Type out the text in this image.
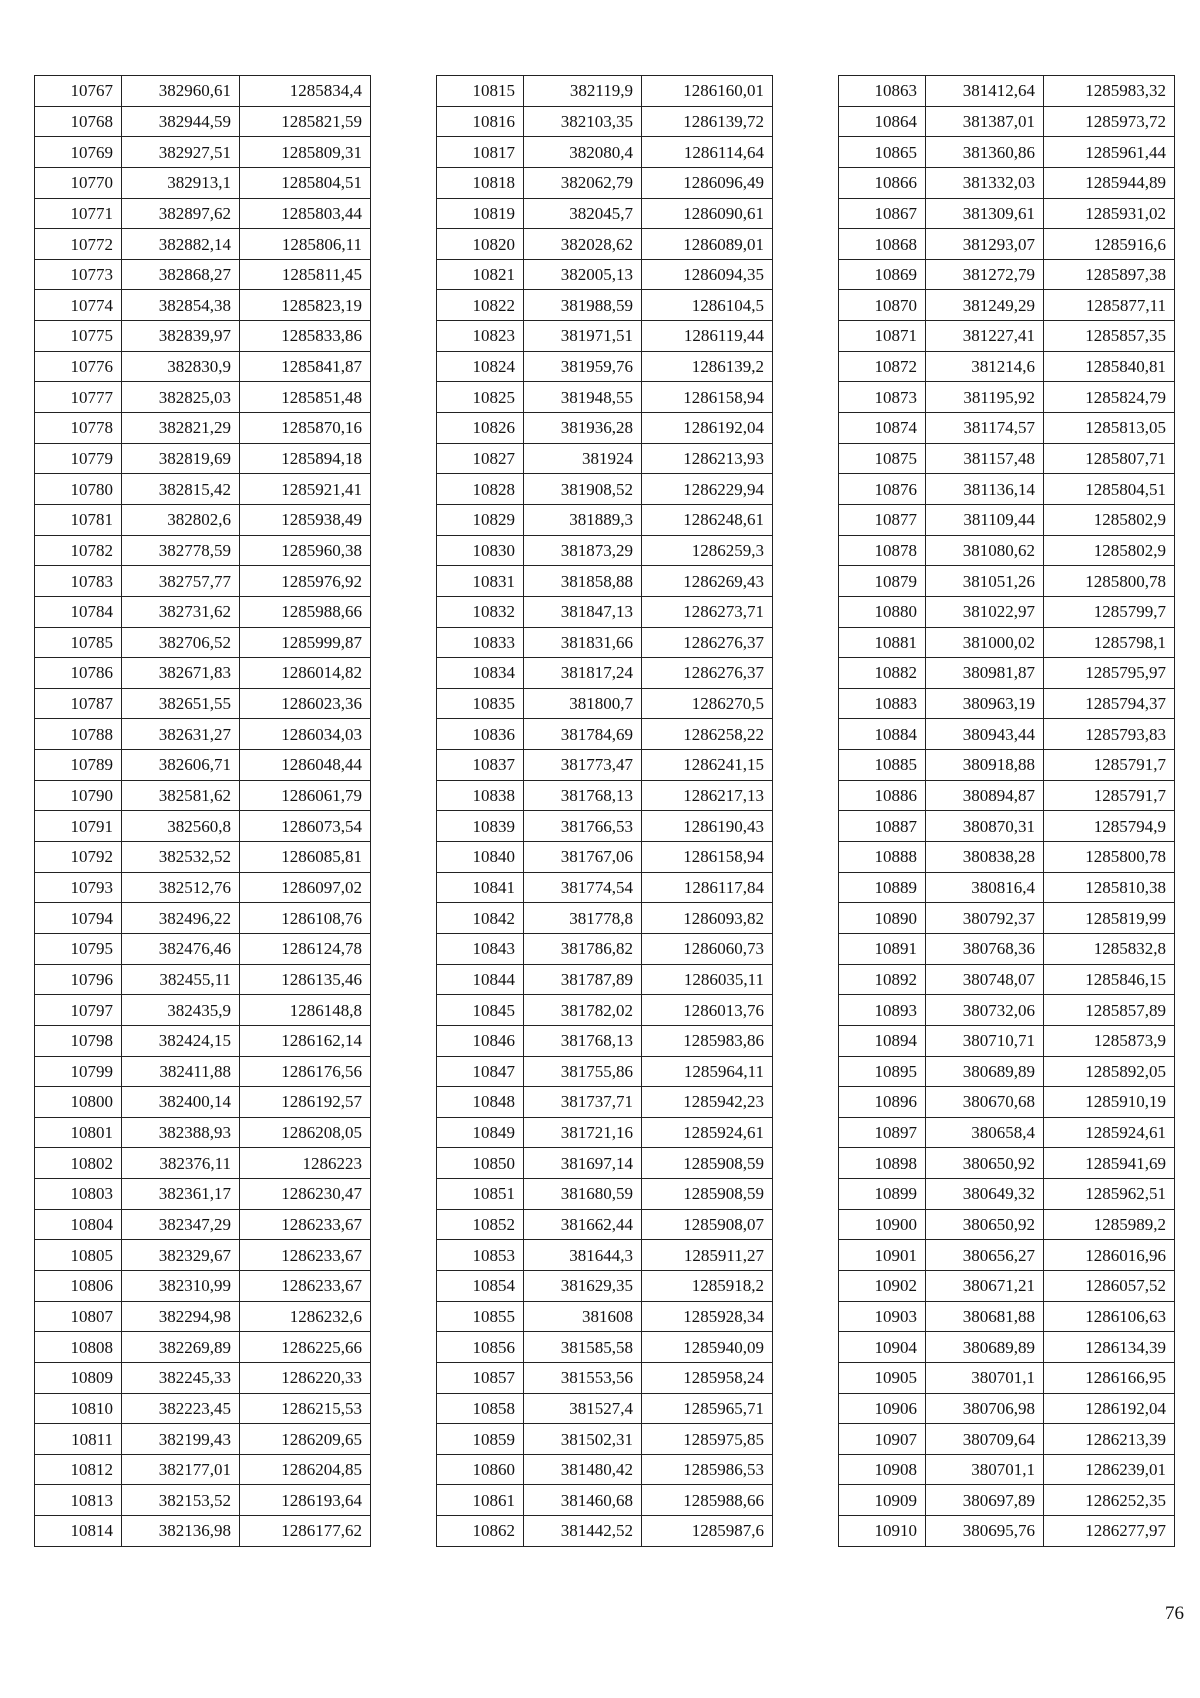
10767	382960,61	1285834,4
10768	382944,59	1285821,59
10769	382927,51	1285809,31
10770	382913,1	1285804,51
10771	382897,62	1285803,44
10772	382882,14	1285806,11
10773	382868,27	1285811,45
10774	382854,38	1285823,19
10775	382839,97	1285833,86
10776	382830,9	1285841,87
10777	382825,03	1285851,48
10778	382821,29	1285870,16
10779	382819,69	1285894,18
10780	382815,42	1285921,41
10781	382802,6	1285938,49
10782	382778,59	1285960,38
10783	382757,77	1285976,92
10784	382731,62	1285988,66
10785	382706,52	1285999,87
10786	382671,83	1286014,82
10787	382651,55	1286023,36
10788	382631,27	1286034,03
10789	382606,71	1286048,44
10790	382581,62	1286061,79
10791	382560,8	1286073,54
10792	382532,52	1286085,81
10793	382512,76	1286097,02
10794	382496,22	1286108,76
10795	382476,46	1286124,78
10796	382455,11	1286135,46
10797	382435,9	1286148,8
10798	382424,15	1286162,14
10799	382411,88	1286176,56
10800	382400,14	1286192,57
10801	382388,93	1286208,05
10802	382376,11	1286223
10803	382361,17	1286230,47
10804	382347,29	1286233,67
10805	382329,67	1286233,67
10806	382310,99	1286233,67
10807	382294,98	1286232,6
10808	382269,89	1286225,66
10809	382245,33	1286220,33
10810	382223,45	1286215,53
10811	382199,43	1286209,65
10812	382177,01	1286204,85
10813	382153,52	1286193,64
10814	382136,98	1286177,62
10815	382119,9	1286160,01
10816	382103,35	1286139,72
10817	382080,4	1286114,64
10818	382062,79	1286096,49
10819	382045,7	1286090,61
10820	382028,62	1286089,01
10821	382005,13	1286094,35
10822	381988,59	1286104,5
10823	381971,51	1286119,44
10824	381959,76	1286139,2
10825	381948,55	1286158,94
10826	381936,28	1286192,04
10827	381924	1286213,93
10828	381908,52	1286229,94
10829	381889,3	1286248,61
10830	381873,29	1286259,3
10831	381858,88	1286269,43
10832	381847,13	1286273,71
10833	381831,66	1286276,37
10834	381817,24	1286276,37
10835	381800,7	1286270,5
10836	381784,69	1286258,22
10837	381773,47	1286241,15
10838	381768,13	1286217,13
10839	381766,53	1286190,43
10840	381767,06	1286158,94
10841	381774,54	1286117,84
10842	381778,8	1286093,82
10843	381786,82	1286060,73
10844	381787,89	1286035,11
10845	381782,02	1286013,76
10846	381768,13	1285983,86
10847	381755,86	1285964,11
10848	381737,71	1285942,23
10849	381721,16	1285924,61
10850	381697,14	1285908,59
10851	381680,59	1285908,59
10852	381662,44	1285908,07
10853	381644,3	1285911,27
10854	381629,35	1285918,2
10855	381608	1285928,34
10856	381585,58	1285940,09
10857	381553,56	1285958,24
10858	381527,4	1285965,71
10859	381502,31	1285975,85
10860	381480,42	1285986,53
10861	381460,68	1285988,66
10862	381442,52	1285987,6
10863	381412,64	1285983,32
10864	381387,01	1285973,72
10865	381360,86	1285961,44
10866	381332,03	1285944,89
10867	381309,61	1285931,02
10868	381293,07	1285916,6
10869	381272,79	1285897,38
10870	381249,29	1285877,11
10871	381227,41	1285857,35
10872	381214,6	1285840,81
10873	381195,92	1285824,79
10874	381174,57	1285813,05
10875	381157,48	1285807,71
10876	381136,14	1285804,51
10877	381109,44	1285802,9
10878	381080,62	1285802,9
10879	381051,26	1285800,78
10880	381022,97	1285799,7
10881	381000,02	1285798,1
10882	380981,87	1285795,97
10883	380963,19	1285794,37
10884	380943,44	1285793,83
10885	380918,88	1285791,7
10886	380894,87	1285791,7
10887	380870,31	1285794,9
10888	380838,28	1285800,78
10889	380816,4	1285810,38
10890	380792,37	1285819,99
10891	380768,36	1285832,8
10892	380748,07	1285846,15
10893	380732,06	1285857,89
10894	380710,71	1285873,9
10895	380689,89	1285892,05
10896	380670,68	1285910,19
10897	380658,4	1285924,61
10898	380650,92	1285941,69
10899	380649,32	1285962,51
10900	380650,92	1285989,2
10901	380656,27	1286016,96
10902	380671,21	1286057,52
10903	380681,88	1286106,63
10904	380689,89	1286134,39
10905	380701,1	1286166,95
10906	380706,98	1286192,04
10907	380709,64	1286213,39
10908	380701,1	1286239,01
10909	380697,89	1286252,35
10910	380695,76	1286277,97
76
